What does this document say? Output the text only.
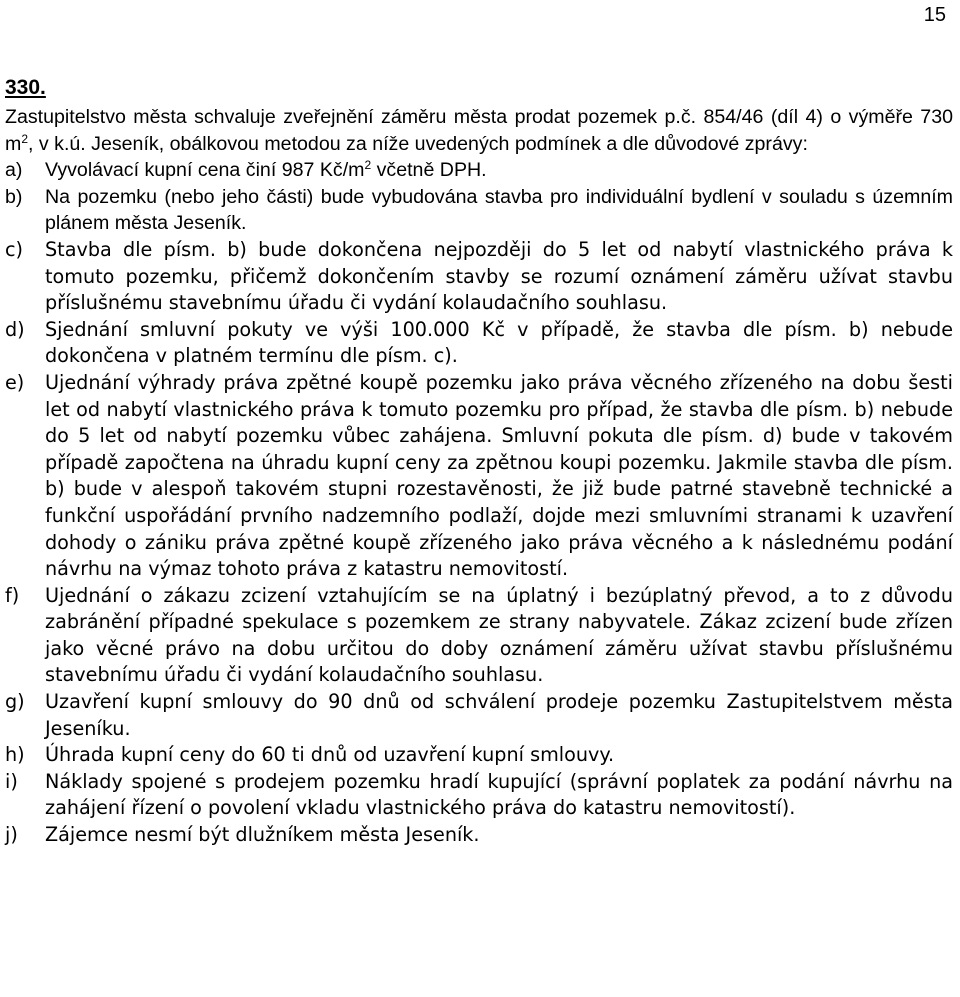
15
330.

Zastupitelstvo města schvaluje zveřejnění záměru města prodat pozemek p.č. 854/46 (díl 4) o výměře 730 $m^2$, v k.ú. Jeseník, obálkovou metodou za níže uvedených podmínek a dle důvodové zprávy:

a)	Vyvolávací kupní cena činí 987 $Kč/m^2$ včetně DPH.
b)	Na pozemku (nebo jeho části) bude vybudována stavba pro individuální bydlení v souladu s územním plánem města Jeseník.
c)	Stavba dle písm. b) bude dokončena nejpozději do 5 let od nabytí vlastnického práva k tomuto pozemku, přičemž dokončením stavby se rozumí oznámení záměru užívat stavbu příslušnému stavebnímu úřadu či vydání kolaudačního souhlasu.
d)	Sjednání smluvní pokuty ve výši 100.000 Kč v případě, že stavba dle písm. b) nebude dokončena v platném termínu dle písm. c).
e)	Ujednání výhrady práva zpětné koupě pozemku jako práva věcného zřízeného na dobu šesti let od nabytí vlastnického práva k tomuto pozemku pro případ, že stavba dle písm. b) nebude do 5 let od nabytí pozemku vůbec zahájena. Smluvní pokuta dle písm. d) bude v takovém případě započtena na úhradu kupní ceny za zpětnou koupi pozemku. Jakmile stavba dle písm. b) bude v alespoň takovém stupni rozestavěnosti, že již bude patrné stavebně technické a funkční uspořádání prvního nadzemního podlaží, dojde mezi smluvními stranami k uzavření dohody o zániku práva zpětné koupě zřízeného jako práva věcného a k následnému podání návrhu na výmaz tohoto práva z katastru nemovitostí.
f)	Ujednání o zákazu zcizení vztahujícím se na úplatný i bezúplatný převod, a to z důvodu zabránění případné spekulace s pozemkem ze strany nabyvatele. Zákaz zcizení bude zřízen jako věcné právo na dobu určitou do doby oznámení záměru užívat stavbu příslušnému stavebnímu úřadu či vydání kolaudačního souhlasu.
g)	Uzavření kupní smlouvy do 90 dnů od schválení prodeje pozemku Zastupitelstvem města Jeseníku.
h)	Úhrada kupní ceny do 60 ti dnů od uzavření kupní smlouvy.
i)	Náklady spojené s prodejem pozemku hradí kupující (správní poplatek za podání návrhu na zahájení řízení o povolení vkladu vlastnického práva do katastru nemovitostí).
j)	Zájemce nesmí být dlužníkem města Jeseník.
